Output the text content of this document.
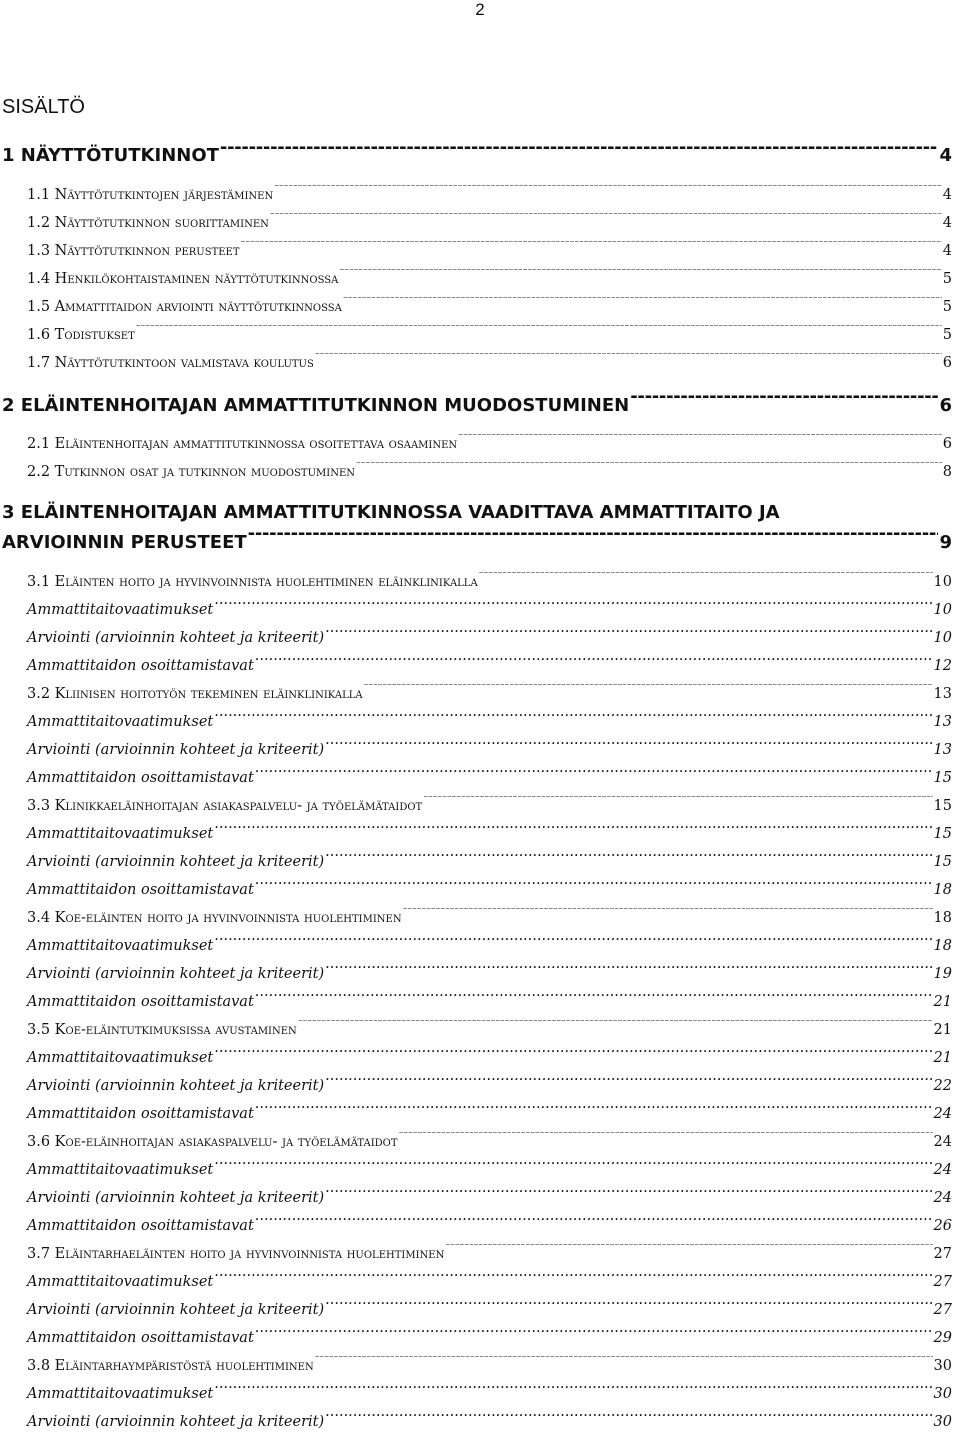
2
SISÄLTÖ
1 NÄYTTÖTUTKINNOT -----	4
1.1 Näyttötutkintojen järjestäminen -----	4
1.2 Näyttötutkinnon suorittaminen -----	4
1.3 Näyttötutkinnon perusteet -----	4
1.4 Henkilökohtaistaminen näyttötutkinnossa -----	5
1.5 Ammattitaidon arviointi näyttötutkinnossa -----	5
1.6 Todistukset -----	5
1.7 Näyttötutkintoon valmistava koulutus -----	6
2 ELÄINTENHOITAJAN AMMATTITUTKINNON MUODOSTUMINEN -----	6
2.1 Eläintenhoitajan ammattitutkinnossa osoitettava osaaminen -----	6
2.2 Tutkinnon osat ja tutkinnon muodostuminen -----	8
3 ELÄINTENHOITAJAN AMMATTITUTKINNOSSA VAADITTAVA AMMATTITAITO JA
ARVIOINNIN PERUSTEET -----	9
3.1 Eläinten hoito ja hyvinvoinnista huolehtiminen eläinklinikalla -----	10
Ammattitaitovaatimukset .....	10
Arviointi (arvioinnin kohteet ja kriteerit) .....	10
Ammattitaidon osoittamistavat .....	12
3.2 Kliinisen hoitotyön tekeminen eläinklinikalla -----	13
Ammattitaitovaatimukset .....	13
Arviointi (arvioinnin kohteet ja kriteerit) .....	13
Ammattitaidon osoittamistavat .....	15
3.3 Klinikkaeläinhoitajan asiakaspalvelu- ja työelämätaidot -----	15
Ammattitaitovaatimukset .....	15
Arviointi (arvioinnin kohteet ja kriteerit) .....	15
Ammattitaidon osoittamistavat .....	18
3.4 Koe-eläinten hoito ja hyvinvoinnista huolehtiminen -----	18
Ammattitaitovaatimukset .....	18
Arviointi (arvioinnin kohteet ja kriteerit) .....	19
Ammattitaidon osoittamistavat .....	21
3.5 Koe-eläintutkimuksissa avustaminen -----	21
Ammattitaitovaatimukset .....	21
Arviointi (arvioinnin kohteet ja kriteerit) .....	22
Ammattitaidon osoittamistavat .....	24
3.6 Koe-eläinhoitajan asiakaspalvelu- ja työelämätaidot -----	24
Ammattitaitovaatimukset .....	24
Arviointi (arvioinnin kohteet ja kriteerit) .....	24
Ammattitaidon osoittamistavat .....	26
3.7 Eläintarhaeläinten hoito ja hyvinvoinnista huolehtiminen -----	27
Ammattitaitovaatimukset .....	27
Arviointi (arvioinnin kohteet ja kriteerit) .....	27
Ammattitaidon osoittamistavat .....	29
3.8 Eläintarhaympäristöstä huolehtiminen -----	30
Ammattitaitovaatimukset .....	30
Arviointi (arvioinnin kohteet ja kriteerit) .....	30
